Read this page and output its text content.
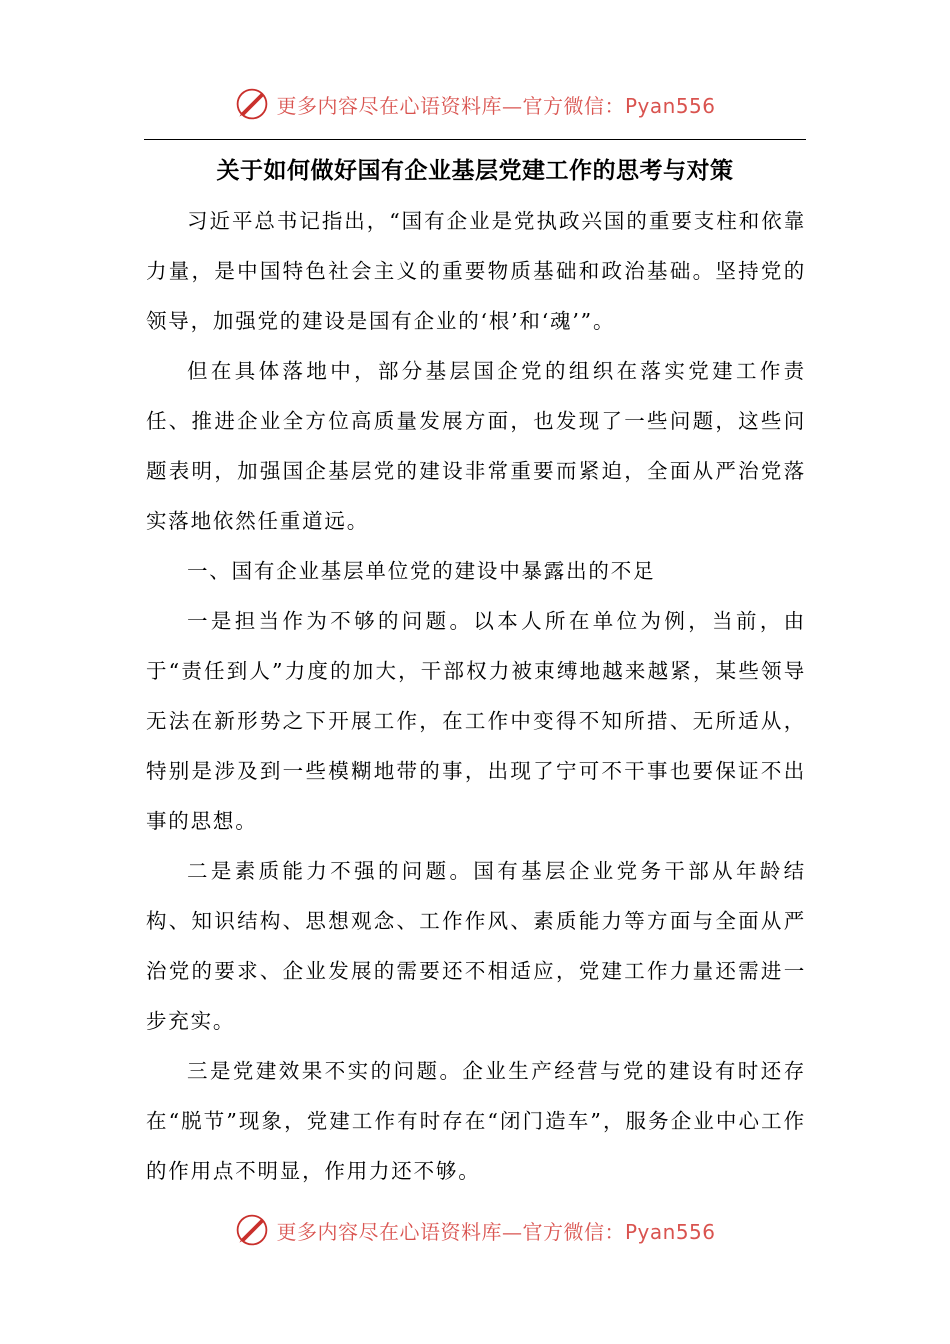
更多内容尽在心语资料库—官方微信：Pyan556
关于如何做好国有企业基层党建工作的思考与对策

习近平总书记指出，“国有企业是党执政兴国的重要支柱和依靠力量，是中国特色社会主义的重要物质基础和政治基础。坚持党的领导，加强党的建设是国有企业的‘根’和‘魂’”。

但在具体落地中，部分基层国企党的组织在落实党建工作责任、推进企业全方位高质量发展方面，也发现了一些问题，这些问题表明，加强国企基层党的建设非常重要而紧迫，全面从严治党落实落地依然任重道远。

一、国有企业基层单位党的建设中暴露出的不足

一是担当作为不够的问题。以本人所在单位为例，当前，由于“责任到人”力度的加大，干部权力被束缚地越来越紧，某些领导无法在新形势之下开展工作，在工作中变得不知所措、无所适从，特别是涉及到一些模糊地带的事，出现了宁可不干事也要保证不出事的思想。

二是素质能力不强的问题。国有基层企业党务干部从年龄结构、知识结构、思想观念、工作作风、素质能力等方面与全面从严治党的要求、企业发展的需要还不相适应，党建工作力量还需进一步充实。

三是党建效果不实的问题。企业生产经营与党的建设有时还存在“脱节”现象，党建工作有时存在“闭门造车”，服务企业中心工作的作用点不明显，作用力还不够。

更多内容尽在心语资料库—官方微信：Pyan556
